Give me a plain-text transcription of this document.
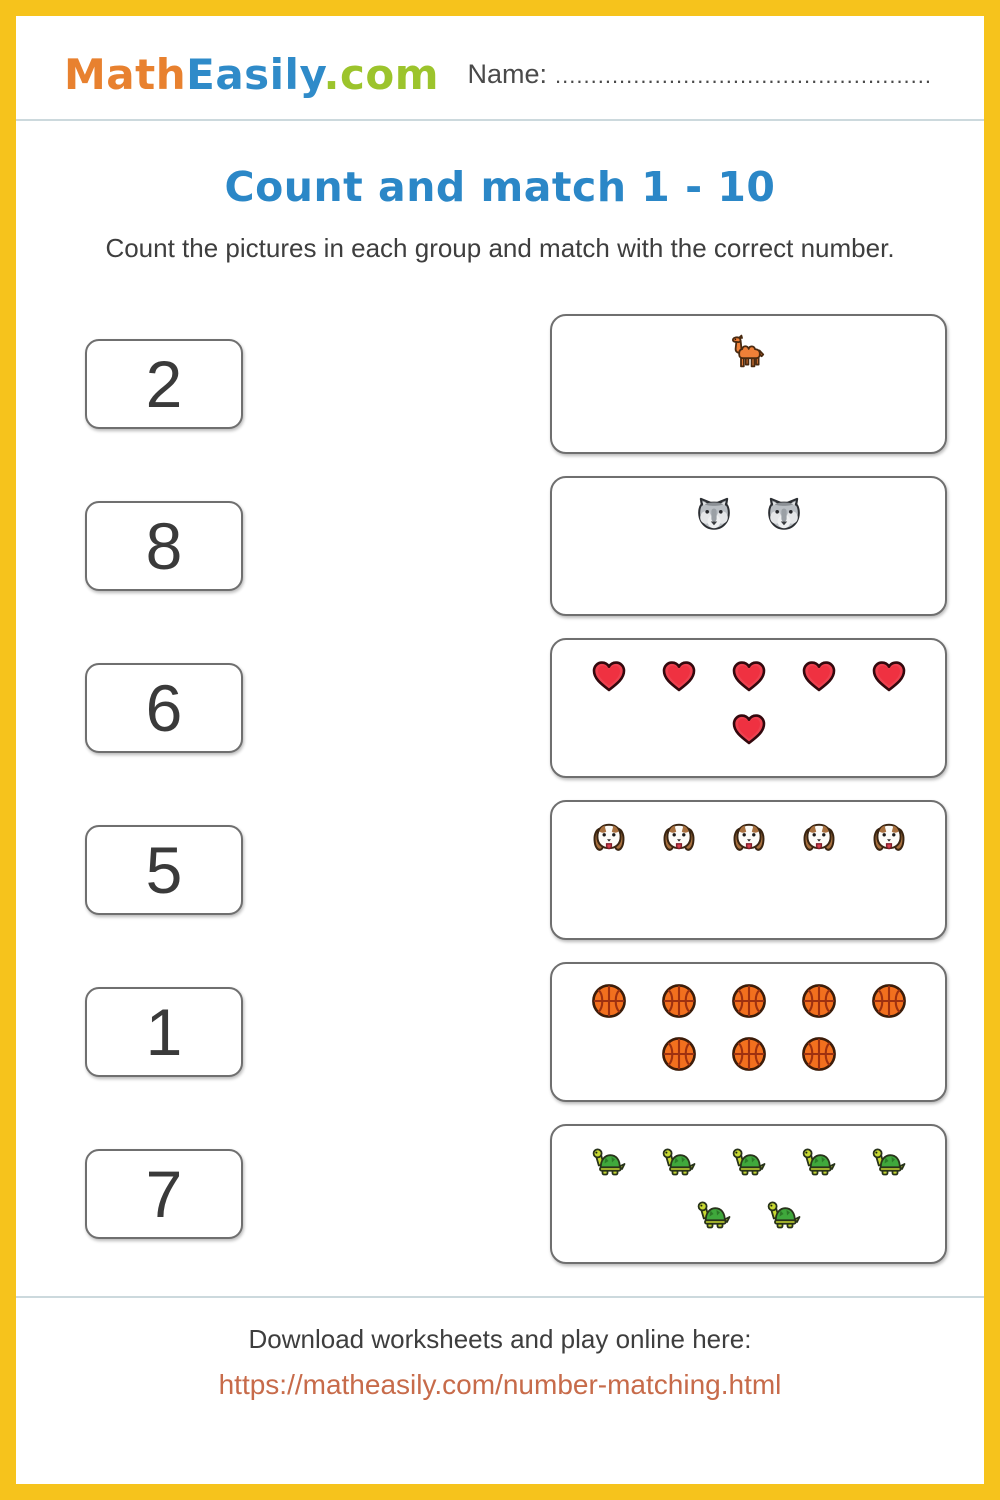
MathEasily.com Name: .....................................................
Count and match 1 - 10
Count the pictures in each group and match with the correct number.
2
8
6
5
1
7
Download worksheets and play online here:
https://matheasily.com/number-matching.html
